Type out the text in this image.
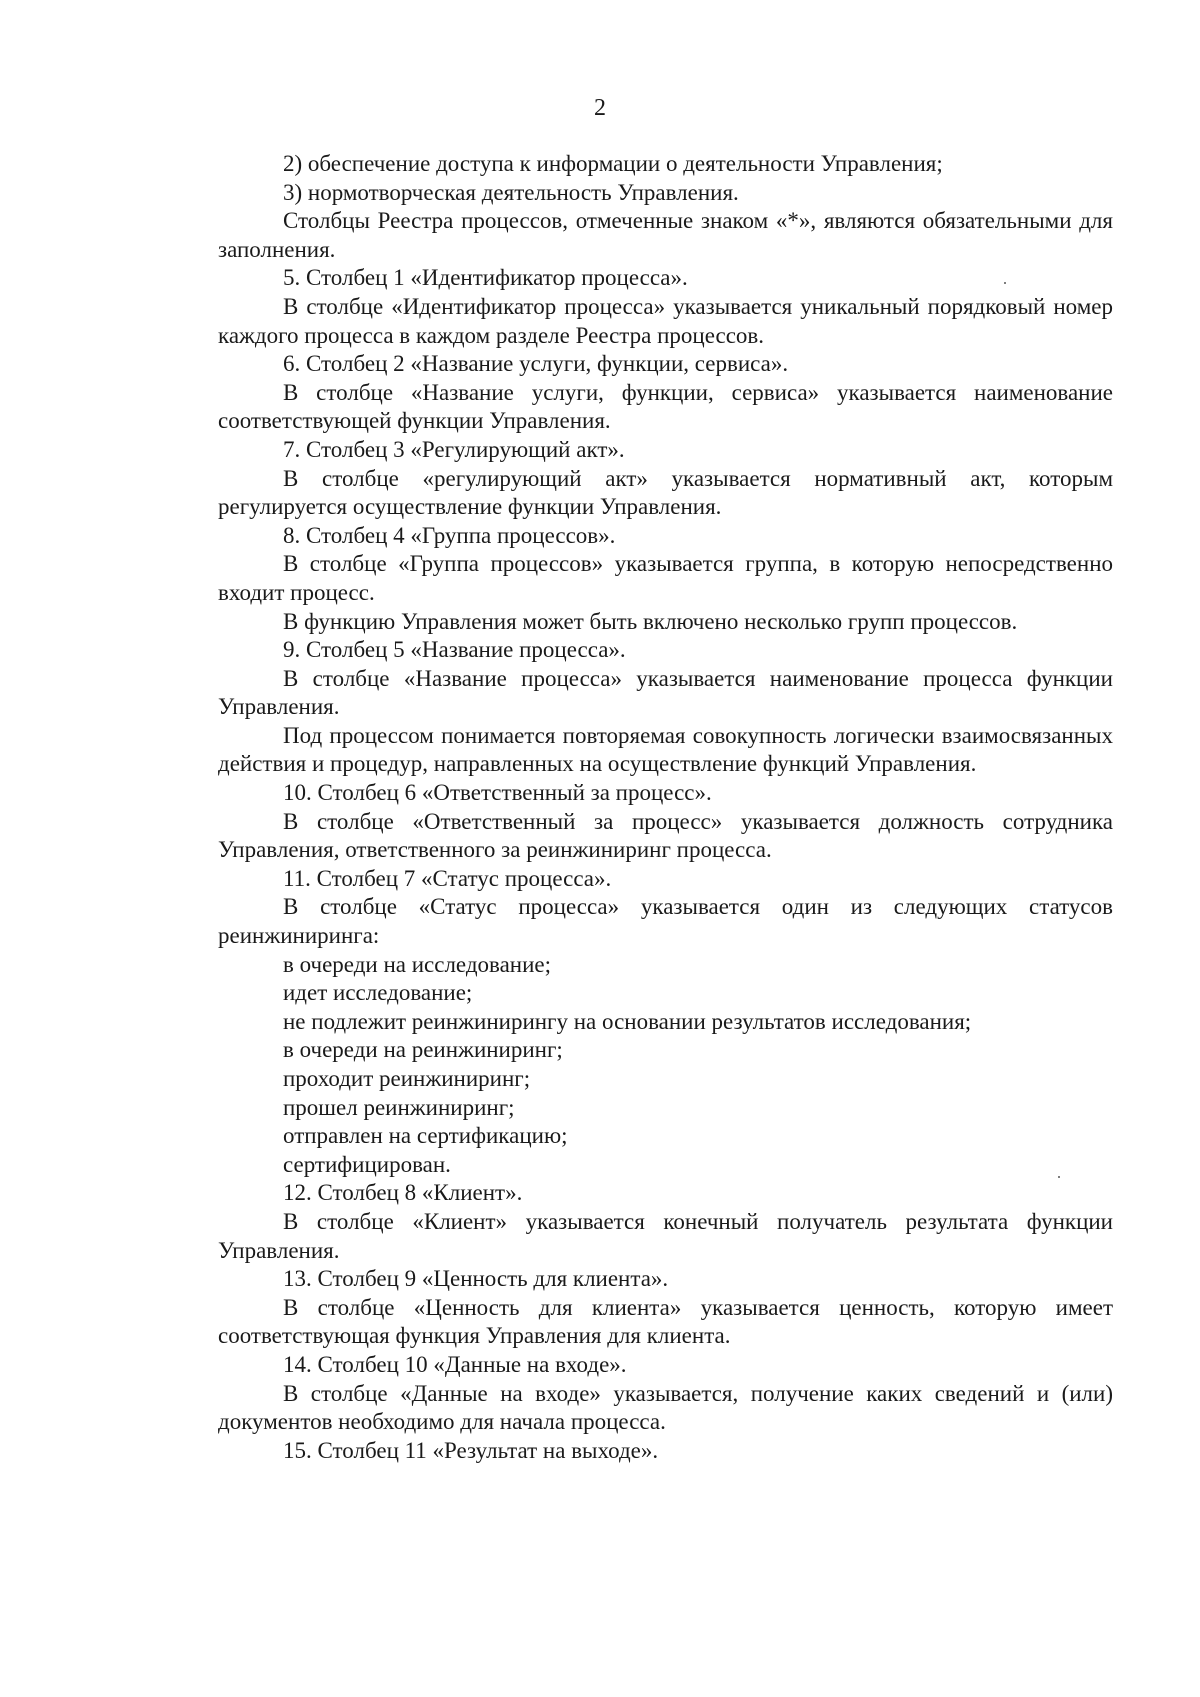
2

2) обеспечение доступа к информации о деятельности Управления;

3) нормотворческая деятельность Управления.

Столбцы Реестра процессов, отмеченные знаком «*», являются обязательными для заполнения.

5. Столбец 1 «Идентификатор процесса».

В столбце «Идентификатор процесса» указывается уникальный порядковый номер каждого процесса в каждом разделе Реестра процессов.

6. Столбец 2 «Название услуги, функции, сервиса».

В столбце «Название услуги, функции, сервиса» указывается наименование соответствующей функции Управления.

7. Столбец 3 «Регулирующий акт».

В столбце «регулирующий акт» указывается нормативный акт, которым регулируется осуществление функции Управления.

8. Столбец 4 «Группа процессов».

В столбце «Группа процессов» указывается группа, в которую непосредственно входит процесс.

В функцию Управления может быть включено несколько групп процессов.

9. Столбец 5 «Название процесса».

В столбце «Название процесса» указывается наименование процесса функции Управления.

Под процессом понимается повторяемая совокупность логически взаимосвязанных действия и процедур, направленных на осуществление функций Управления.

10. Столбец 6 «Ответственный за процесс».

В столбце «Ответственный за процесс» указывается должность сотрудника Управления, ответственного за реинжиниринг процесса.

11. Столбец 7 «Статус процесса».

В столбце «Статус процесса» указывается один из следующих статусов реинжиниринга:

в очереди на исследование;

идет исследование;

не подлежит реинжинирингу на основании результатов исследования;

в очереди на реинжиниринг;

проходит реинжиниринг;

прошел реинжиниринг;

отправлен на сертификацию;

сертифицирован.

12. Столбец 8 «Клиент».

В столбце «Клиент» указывается конечный получатель результата функции Управления.

13. Столбец 9 «Ценность для клиента».

В столбце «Ценность для клиента» указывается ценность, которую имеет соответствующая функция Управления для клиента.

14. Столбец 10 «Данные на входе».

В столбце «Данные на входе» указывается, получение каких сведений и (или) документов необходимо для начала процесса.

15. Столбец 11 «Результат на выходе».
